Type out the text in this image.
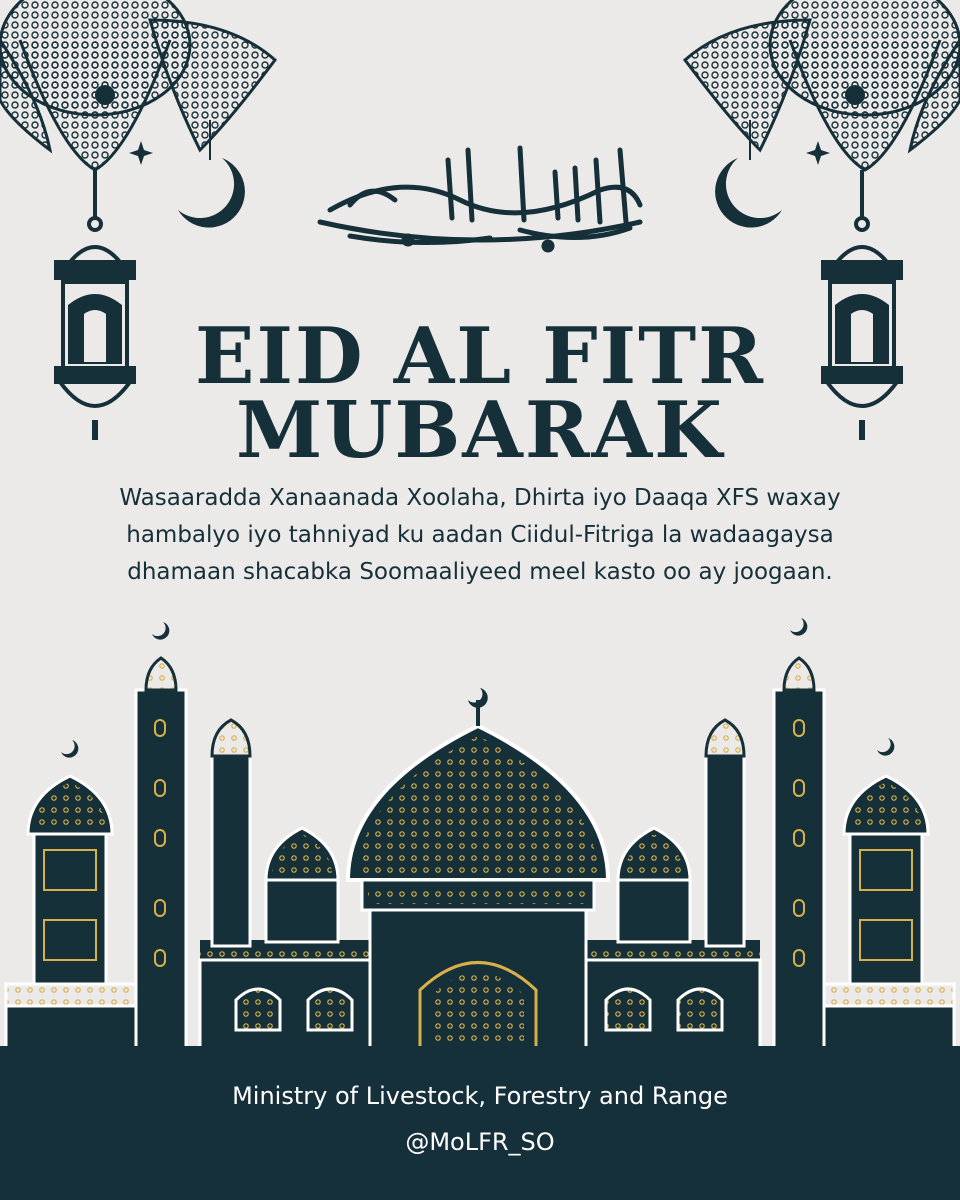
EID AL FITR
MUBARAK

Wasaaradda Xanaanada Xoolaha, Dhirta iyo Daaqa XFS waxay hambalyo iyo tahniyad ku aadan Ciidul-Fitriga la wadaagaysa dhamaan shacabka Soomaaliyeed meel kasto oo ay joogaan.

Ministry of Livestock, Forestry and Range
@MoLFR_SO
